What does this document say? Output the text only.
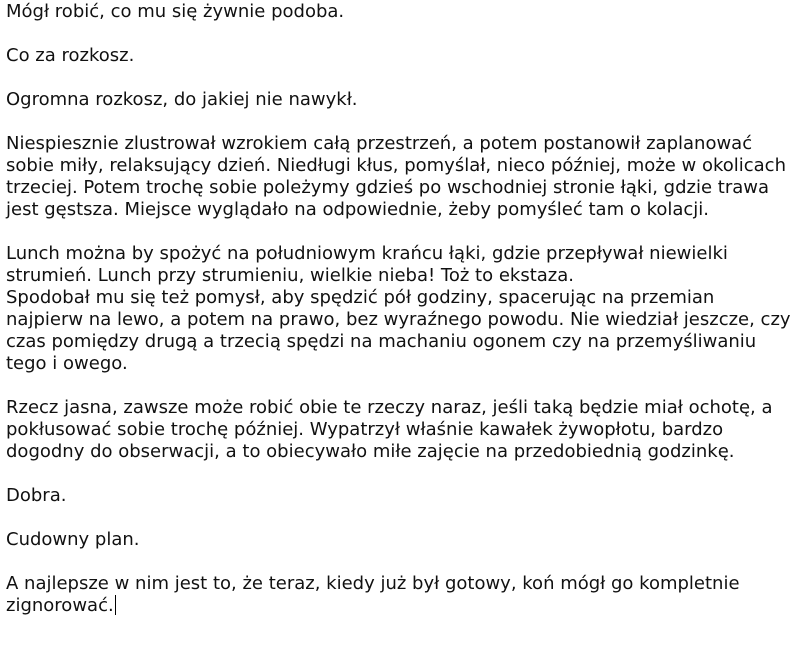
Mógł robić, co mu się żywnie podoba.

Co za rozkosz.

Ogromna rozkosz, do jakiej nie nawykł.

Niespiesznie zlustrował wzrokiem całą przestrzeń, a potem postanowił zaplanować sobie miły, relaksujący dzień. Niedługi kłus, pomyślał, nieco później, może w okolicach trzeciej. Potem trochę sobie poleżymy gdzieś po wschodniej stronie łąki, gdzie trawa jest gęstsza. Miejsce wyglądało na odpowiednie, żeby pomyśleć tam o kolacji.

Lunch można by spożyć na południowym krańcu łąki, gdzie przepływał niewielki strumień. Lunch przy strumieniu, wielkie nieba! Toż to ekstaza.

Spodobał mu się też pomysł, aby spędzić pół godziny, spacerując na przemian najpierw na lewo, a potem na prawo, bez wyraźnego powodu. Nie wiedział jeszcze, czy czas pomiędzy drugą a trzecią spędzi na machaniu ogonem czy na przemyśliwaniu tego i owego.

Rzecz jasna, zawsze może robić obie te rzeczy naraz, jeśli taką będzie miał ochotę, a pokłusować sobie trochę później. Wypatrzył właśnie kawałek żywopłotu, bardzo dogodny do obserwacji, a to obiecywało miłe zajęcie na przedobiednią godzinkę.

Dobra.

Cudowny plan.

A najlepsze w nim jest to, że teraz, kiedy już był gotowy, koń mógł go kompletnie zignorować.
